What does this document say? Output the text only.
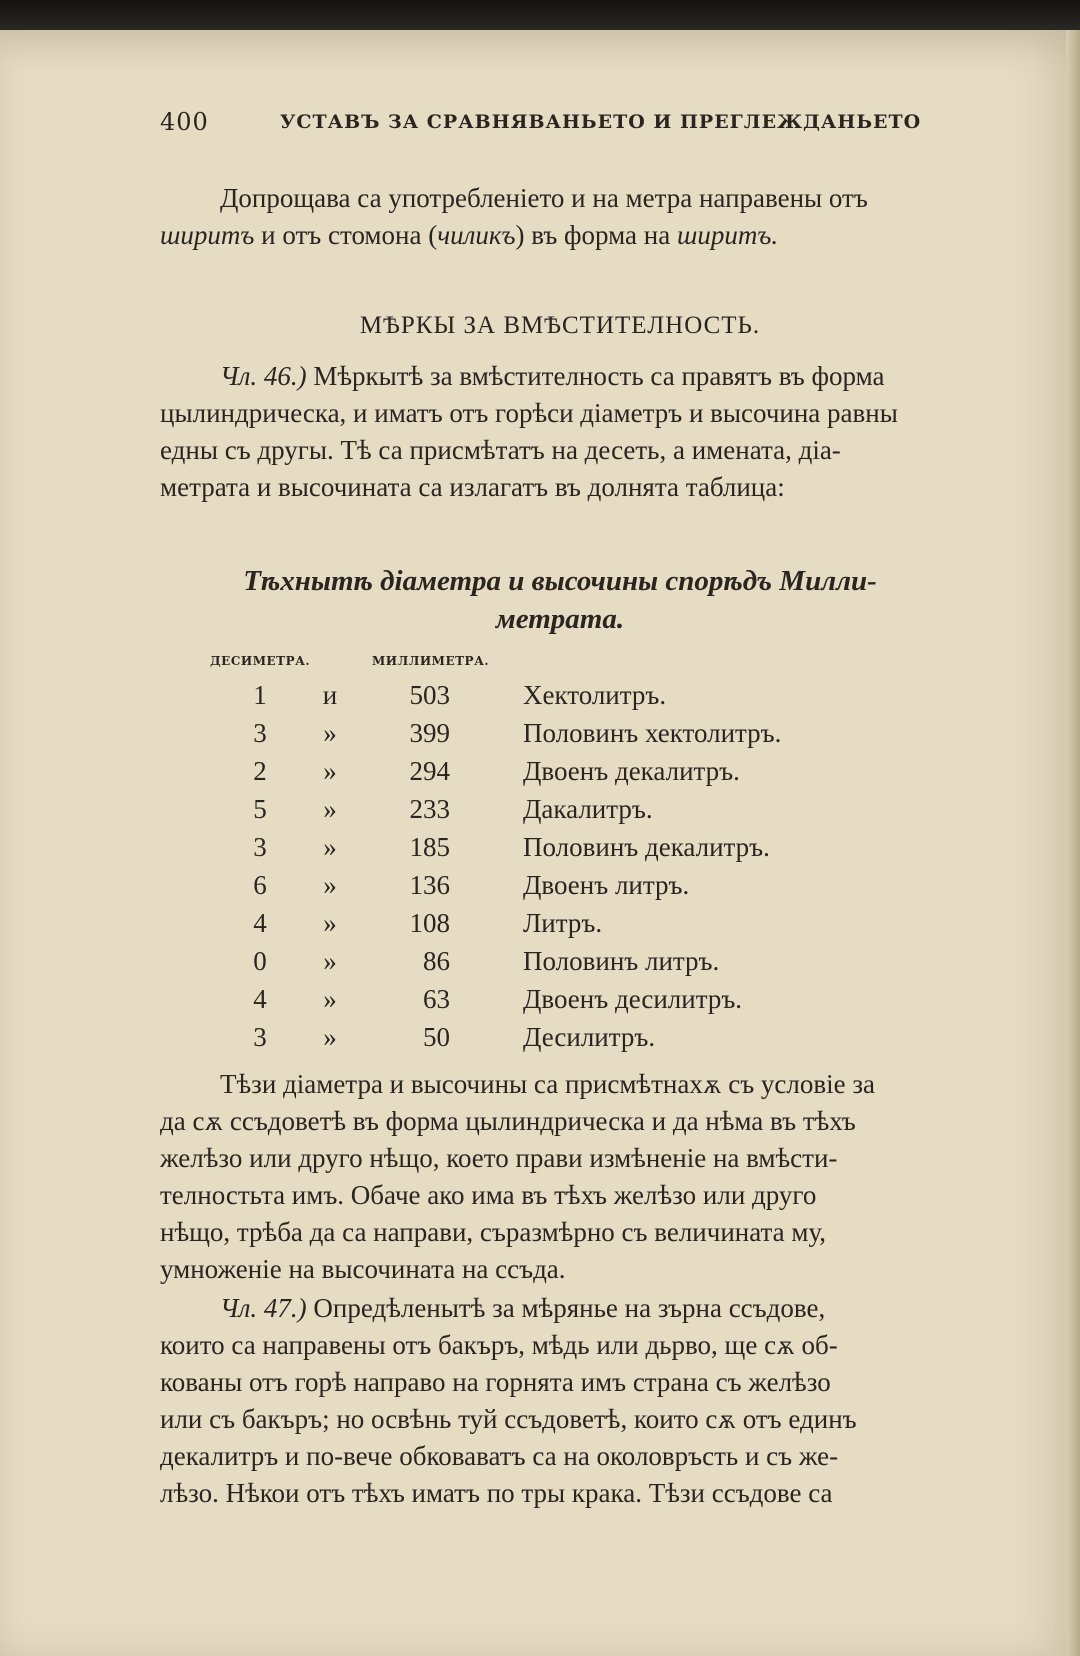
400	УСТАВЪ ЗА СРАВНЯВАНЬЕТО И ПРЕГЛЕЖДАНЬЕТО
Допрощава са употребленiето и на метра направены отъ
ширитъ и отъ стомона (чиликъ) въ форма на ширитъ.
МѢРКЫ ЗА ВМѢСТИТЕЛНОСТЬ.
Чл. 46.) Мѣркытѣ за вмѣстителность са правятъ въ форма
цылиндрическа, и иматъ отъ горѣси дiаметръ и высочина равны
едны съ другы. Тѣ са присмѣтатъ на десеть, а имената, дiа-
метрата и высочината са излагатъ въ долнята таблица:
Тѣхнытѣ дiаметра и высочины спорѣдъ Милли-
метрата.
ДЕСИМЕТРА.	МИЛЛИМЕТРА.
1	и	503	Хектолитръ.
3	»	399	Половинъ хектолитръ.
2	»	294	Двоенъ декалитръ.
5	»	233	Дакалитръ.
3	»	185	Половинъ декалитръ.
6	»	136	Двоенъ литръ.
4	»	108	Литръ.
0	»	86	Половинъ литръ.
4	»	63	Двоенъ десилитръ.
3	»	50	Десилитръ.
Тѣзи дiаметра и высочины са присмѣтнахѫ съ условiе за
да сѫ ссъдоветѣ въ форма цылиндрическа и да нѣма въ тѣхъ
желѣзо или друго нѣщо, което прави измѣненiе на вмѣсти-
телностьта имъ. Обаче ако има въ тѣхъ желѣзо или друго
нѣщо, трѣба да са направи, съразмѣрно съ величината му,
умноженiе на высочината на ссъда.
Чл. 47.) Опредѣленытѣ за мѣрянье на зърна ссъдове,
които са направены отъ бакъръ, мѣдь или дьрво, ще сѫ об-
кованы отъ горѣ направо на горнята имъ страна съ желѣзо
или съ бакъръ; но освѣнь туй ссъдоветѣ, които сѫ отъ единъ
декалитръ и по-вече обковаватъ са на околовръсть и съ же-
лѣзо. Нѣкои отъ тѣхъ иматъ по тры крака. Тѣзи ссъдове са
